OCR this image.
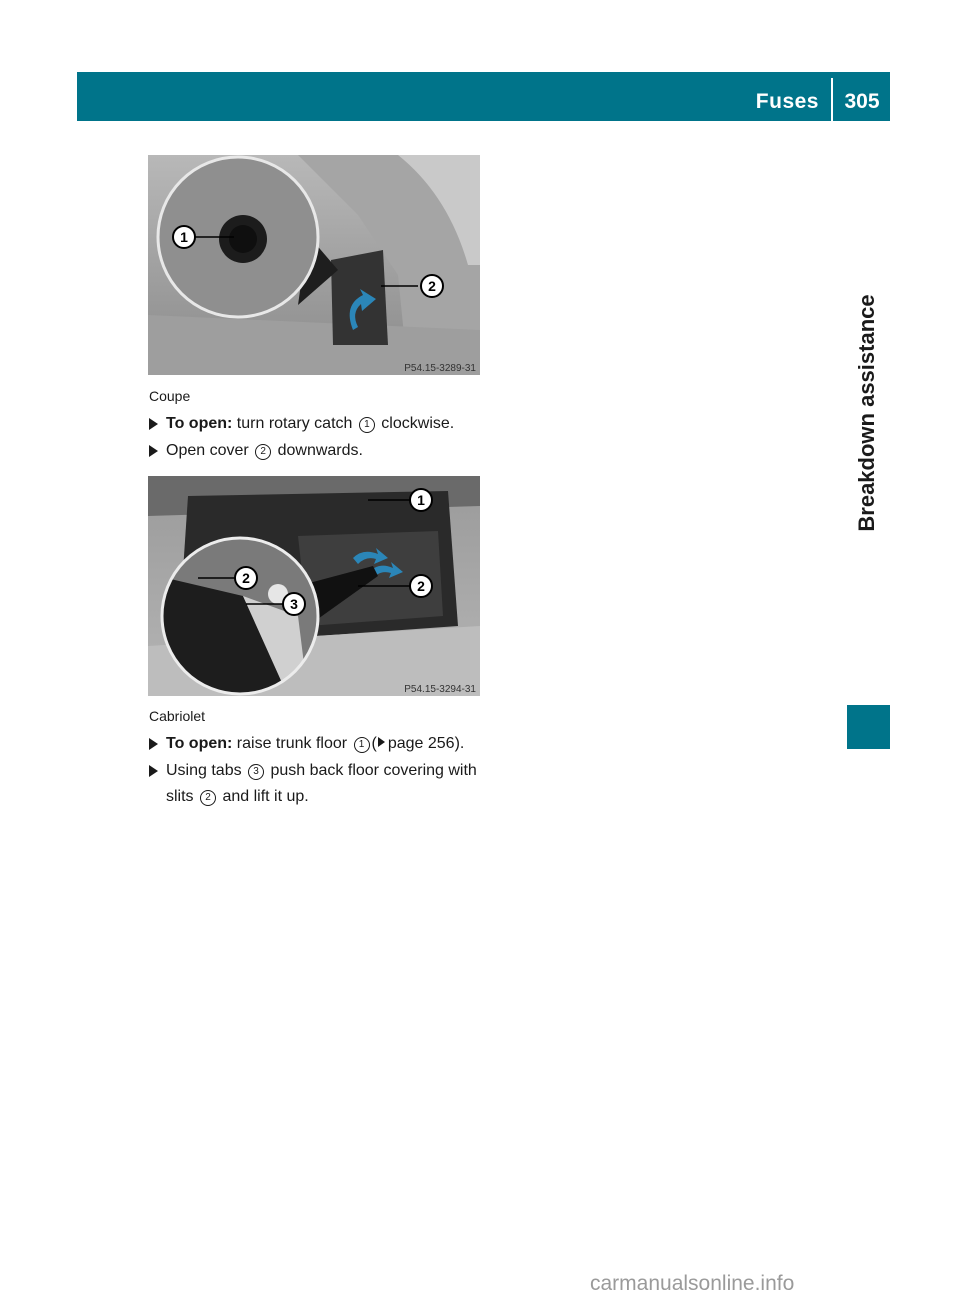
Fuses	305
Breakdown assistance
1
2
P54.15-3289-31
Coupe
To open: turn rotary catch 1 clockwise.
Open cover 2 downwards.
1
2	2
3
P54.15-3294-31
Cabriolet
To open: raise trunk floor 1 ( page 256).
Using tabs 3 push back floor covering with
slits 2 and lift it up.
carmanualsonline.info
